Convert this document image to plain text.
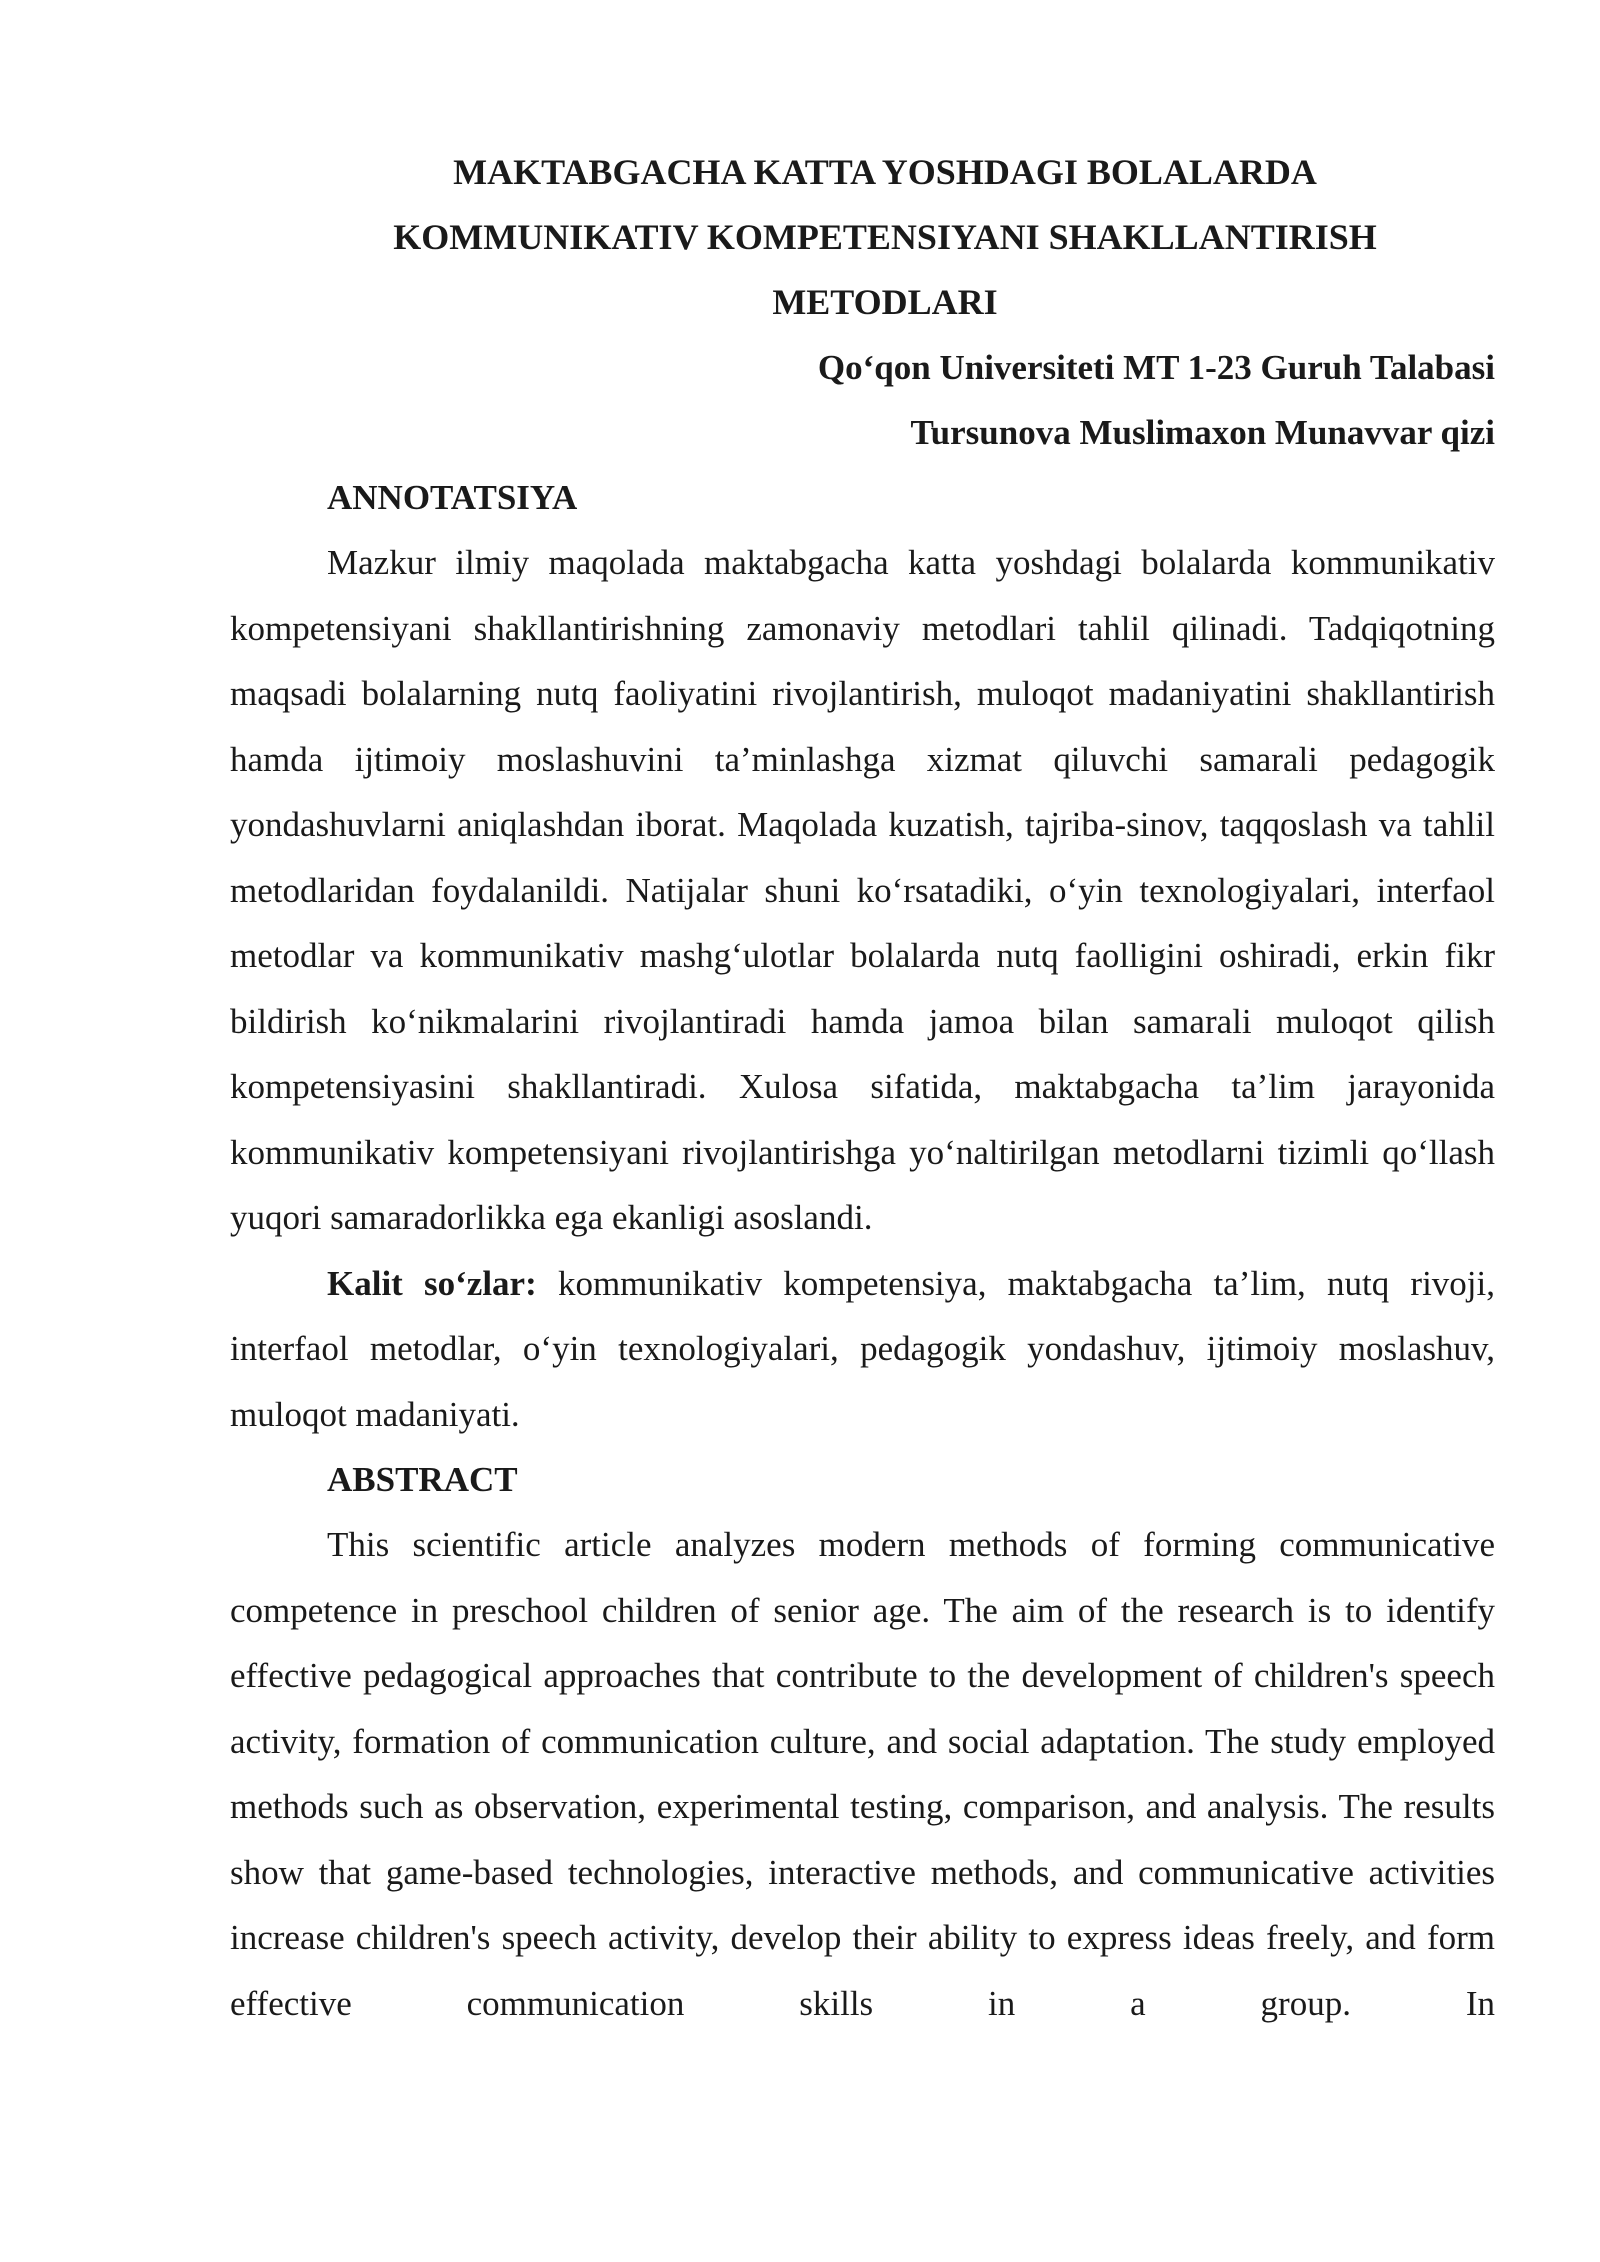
MAKTABGACHA KATTA YOSHDAGI BOLALARDA
KOMMUNIKATIV KOMPETENSIYANI SHAKLLANTIRISH
METODLARI
Qo‘qon Universiteti MT 1-23 Guruh Talabasi
Tursunova Muslimaxon Munavvar qizi
ANNOTATSIYA

Mazkur ilmiy maqolada maktabgacha katta yoshdagi bolalarda kommunikativ kompetensiyani shakllantirishning zamonaviy metodlari tahlil qilinadi. Tadqiqotning maqsadi bolalarning nutq faoliyatini rivojlantirish, muloqot madaniyatini shakllantirish hamda ijtimoiy moslashuvini ta’minlashga xizmat qiluvchi samarali pedagogik yondashuvlarni aniqlashdan iborat. Maqolada kuzatish, tajriba-sinov, taqqoslash va tahlil metodlaridan foydalanildi. Natijalar shuni ko‘rsatadiki, o‘yin texnologiyalari, interfaol metodlar va kommunikativ mashg‘ulotlar bolalarda nutq faolligini oshiradi, erkin fikr bildirish ko‘nikmalarini rivojlantiradi hamda jamoa bilan samarali muloqot qilish kompetensiyasini shakllantiradi. Xulosa sifatida, maktabgacha ta’lim jarayonida kommunikativ kompetensiyani rivojlantirishga yo‘naltirilgan metodlarni tizimli qo‘llash yuqori samaradorlikka ega ekanligi asoslandi.

Kalit so‘zlar: kommunikativ kompetensiya, maktabgacha ta’lim, nutq rivoji, interfaol metodlar, o‘yin texnologiyalari, pedagogik yondashuv, ijtimoiy moslashuv, muloqot madaniyati.

ABSTRACT

This scientific article analyzes modern methods of forming communicative competence in preschool children of senior age. The aim of the research is to identify effective pedagogical approaches that contribute to the development of children's speech activity, formation of communication culture, and social adaptation. The study employed methods such as observation, experimental testing, comparison, and analysis. The results show that game-based technologies, interactive methods, and communicative activities increase children's speech activity, develop their ability to express ideas freely, and form effective communication skills in a group. In
